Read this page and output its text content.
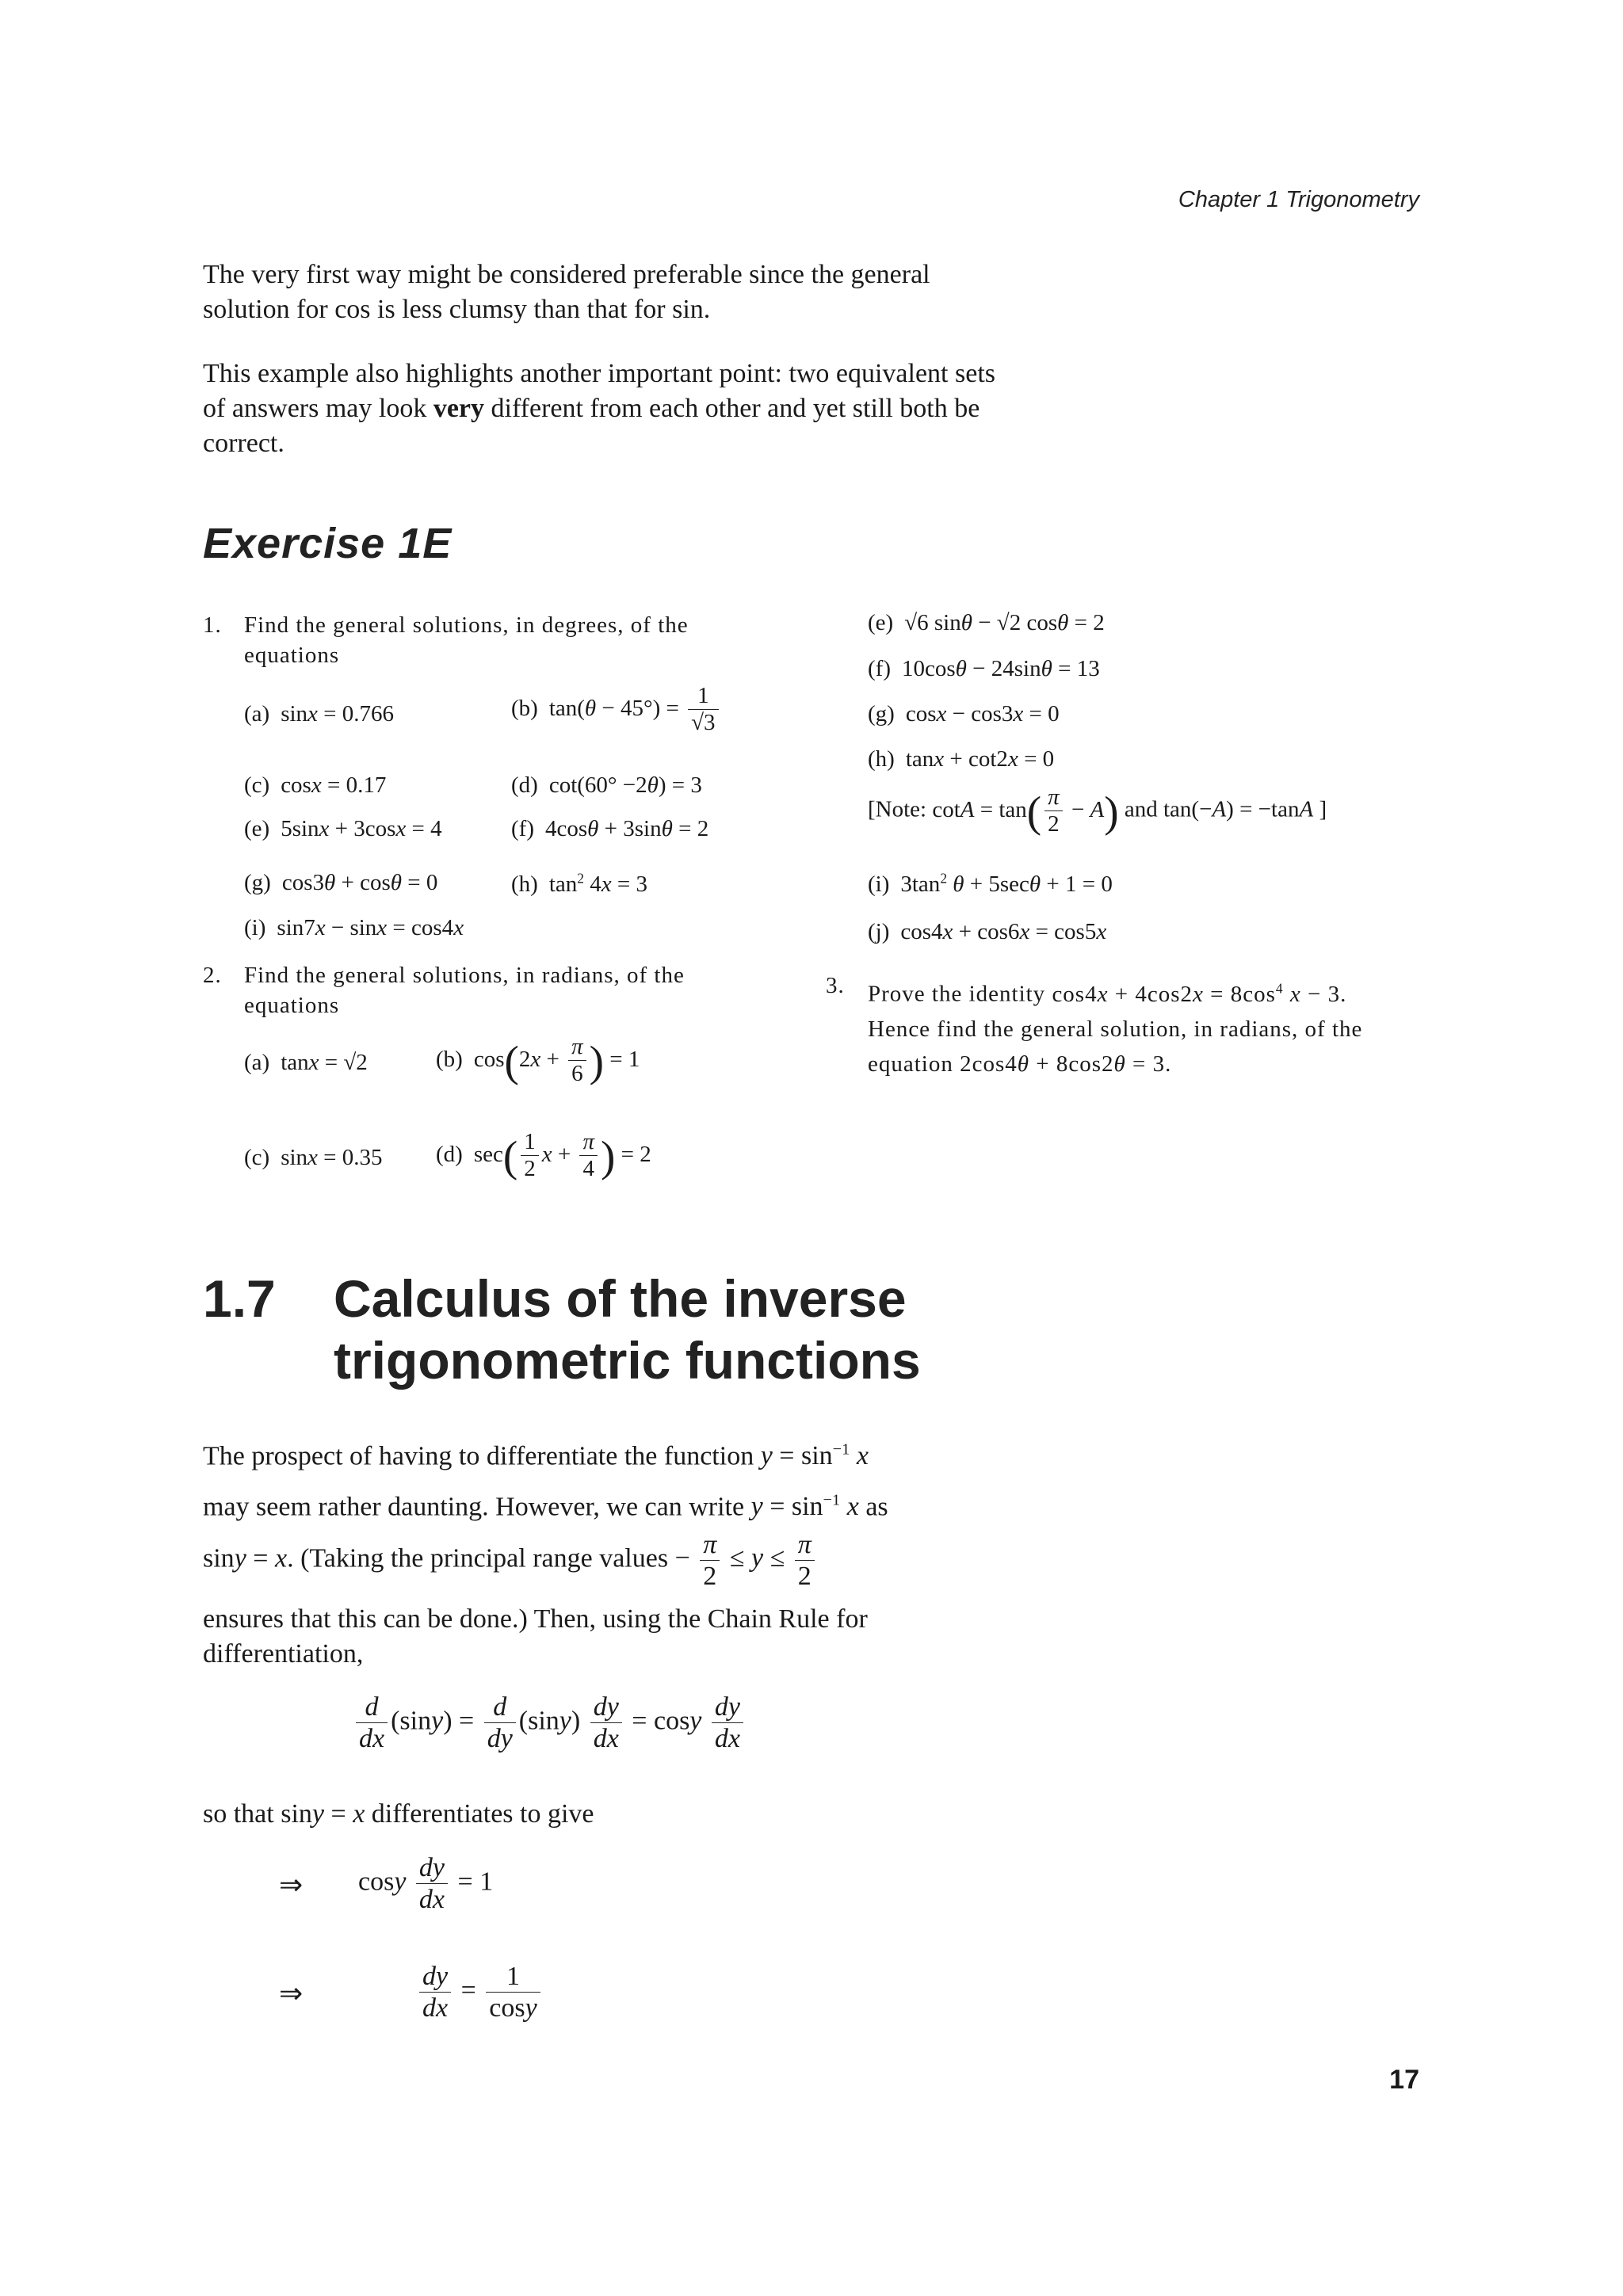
Chapter 1 Trigonometry
The very first way might be considered preferable since the general solution for cos is less clumsy than that for sin.
This example also highlights another important point: two equivalent sets of answers may look very different from each other and yet still both be correct.
Exercise 1E
1. Find the general solutions, in degrees, of the equations
(a) sinx = 0.766	(b) $\tan(\theta - 45^\circ) = \frac{1}{√3}$
(c) cosx = 0.17	(d) cot(60° −2θ) = 3
(e) 5sinx + 3cosx = 4	(f) 4cosθ + 3sinθ = 2
(g) cos3θ + cosθ = 0	(h) $\tan^2 4x = 3$
(i) sin7x − sinx = cos4x
2. Find the general solutions, in radians, of the equations
(a) tanx = √2	(b) $\cos(2x + \frac{\pi}{6}$ ) = 1
(c) sinx = 0.35 (d) $\sec( \frac{1}{2}$ $x + \frac{\pi}{4}$ ) = 2
(e) √6 sinθ − √2 cosθ = 2
(f) 10cosθ − 24sinθ = 13
(g) cosx − cos3x = 0
(h) tanx + cot2x = 0
[Note: $\cot A = \tan( \frac{\pi}{2} - A)$ and tan(−A) = −tanA ]
(i) $3\tan^2$ θ + 5secθ + 1 = 0
(j) cos4x + cos6x = cos5x
3. Prove the identity $\cos 4x + 4\cos 2x = 8\cos^4$ x − 3. Hence find the general solution, in radians, of the equation 2cos4θ + 8cos2θ = 3.
1.7 Calculus of the inverse trigonometric functions
The prospect of having to differentiate the function $y = \sin^{-1} x$
may seem rather daunting. However, we can write $y = \sin^{-1} x$ as
siny = x. (Taking the principal range values − $\frac{\pi}{2} \le y \le \frac{\pi}{2}$
ensures that this can be done.) Then, using the Chain Rule for differentiation,
$\frac{d}{dx} (\sin y) = \frac{d}{dy} (\sin y) \frac{dy}{dx} = \cos y \frac{dy}{dx}$
so that siny = x differentiates to give
⇒ cosy $\frac{dy}{dx} = 1$
⇒	$\frac{dy}{dx} = \frac{1}{\cos y}$
17
